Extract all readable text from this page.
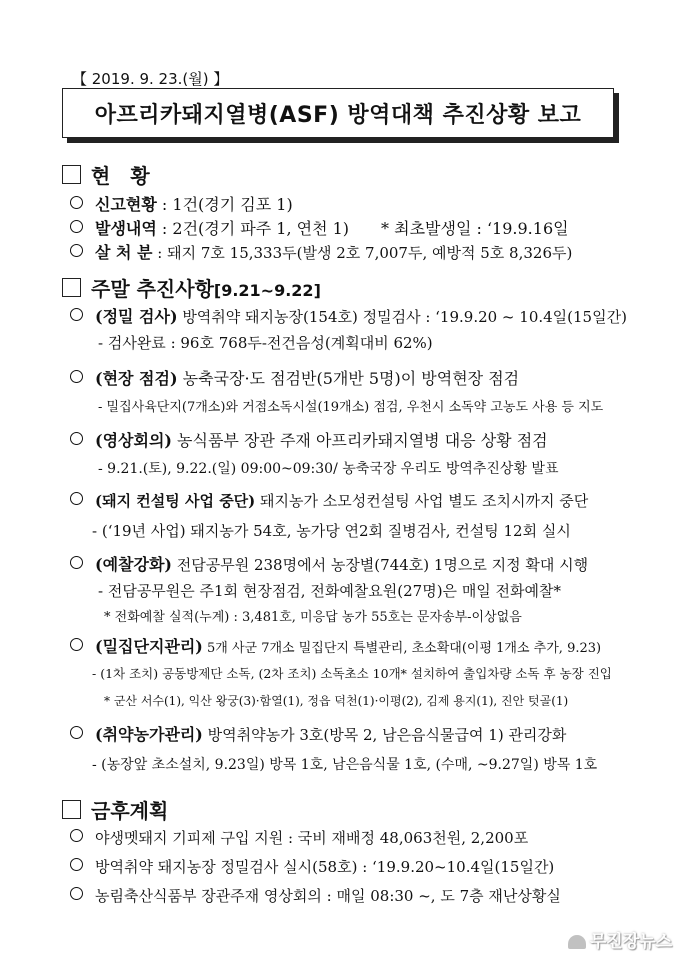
【 2019. 9. 23.(월) 】
아프리카돼지열병(ASF) 방역대책 추진상황 보고
현　황
신고현황 : 1건(경기 김포 1)
발생내역 : 2건(경기 파주 1, 연천 1)　　* 최초발생일 : ‘19.9.16일
살 처 분 : 돼지 7호 15,333두(발생 2호 7,007두, 예방적 5호 8,326두)
주말 추진사항[9.21~9.22]
(정밀 검사) 방역취약 돼지농장(154호) 정밀검사 : ‘19.9.20 ~ 10.4일(15일간)
- 검사완료 : 96호 768두-전건음성(계획대비 62%)
(현장 점검) 농축국장·도 점검반(5개반 5명)이 방역현장 점검
- 밀집사육단지(7개소)와 거점소독시설(19개소) 점검, 우천시 소독약 고농도 사용 등 지도
(영상회의) 농식품부 장관 주재 아프리카돼지열병 대응 상황 점검
- 9.21.(토), 9.22.(일) 09:00~09:30/ 농축국장 우리도 방역추진상황 발표
(돼지 컨설팅 사업 중단) 돼지농가 소모성컨설팅 사업 별도 조치시까지 중단
- (‘19년 사업) 돼지농가 54호, 농가당 연2회 질병검사, 컨설팅 12회 실시
(예찰강화) 전담공무원 238명에서 농장별(744호) 1명으로 지정 확대 시행
- 전담공무원은 주1회 현장점검, 전화예찰요원(27명)은 매일 전화예찰*
* 전화예찰 실적(누계) : 3,481호, 미응답 농가 55호는 문자송부-이상없음
(밀집단지관리) 5개 사군 7개소 밀집단지 특별관리, 초소확대(이평 1개소 추가, 9.23)
- (1차 조치) 공동방제단 소독, (2차 조치) 소독초소 10개* 설치하여 출입차량 소독 후 농장 진입
* 군산 서수(1), 익산 왕궁(3)·함열(1), 정읍 덕천(1)·이평(2), 김제 용지(1), 진안 텃골(1)
(취약농가관리) 방역취약농가 3호(방목 2, 남은음식물급여 1) 관리강화
- (농장앞 초소설치, 9.23일) 방목 1호, 남은음식물 1호, (수매, ~9.27일) 방목 1호
금후계획
야생멧돼지 기피제 구입 지원 : 국비 재배정 48,063천원, 2,200포
방역취약 돼지농장 정밀검사 실시(58호) : ‘19.9.20~10.4일(15일간)
농림축산식품부 장관주재 영상회의 : 매일 08:30 ~, 도 7층 재난상황실
무진장뉴스
